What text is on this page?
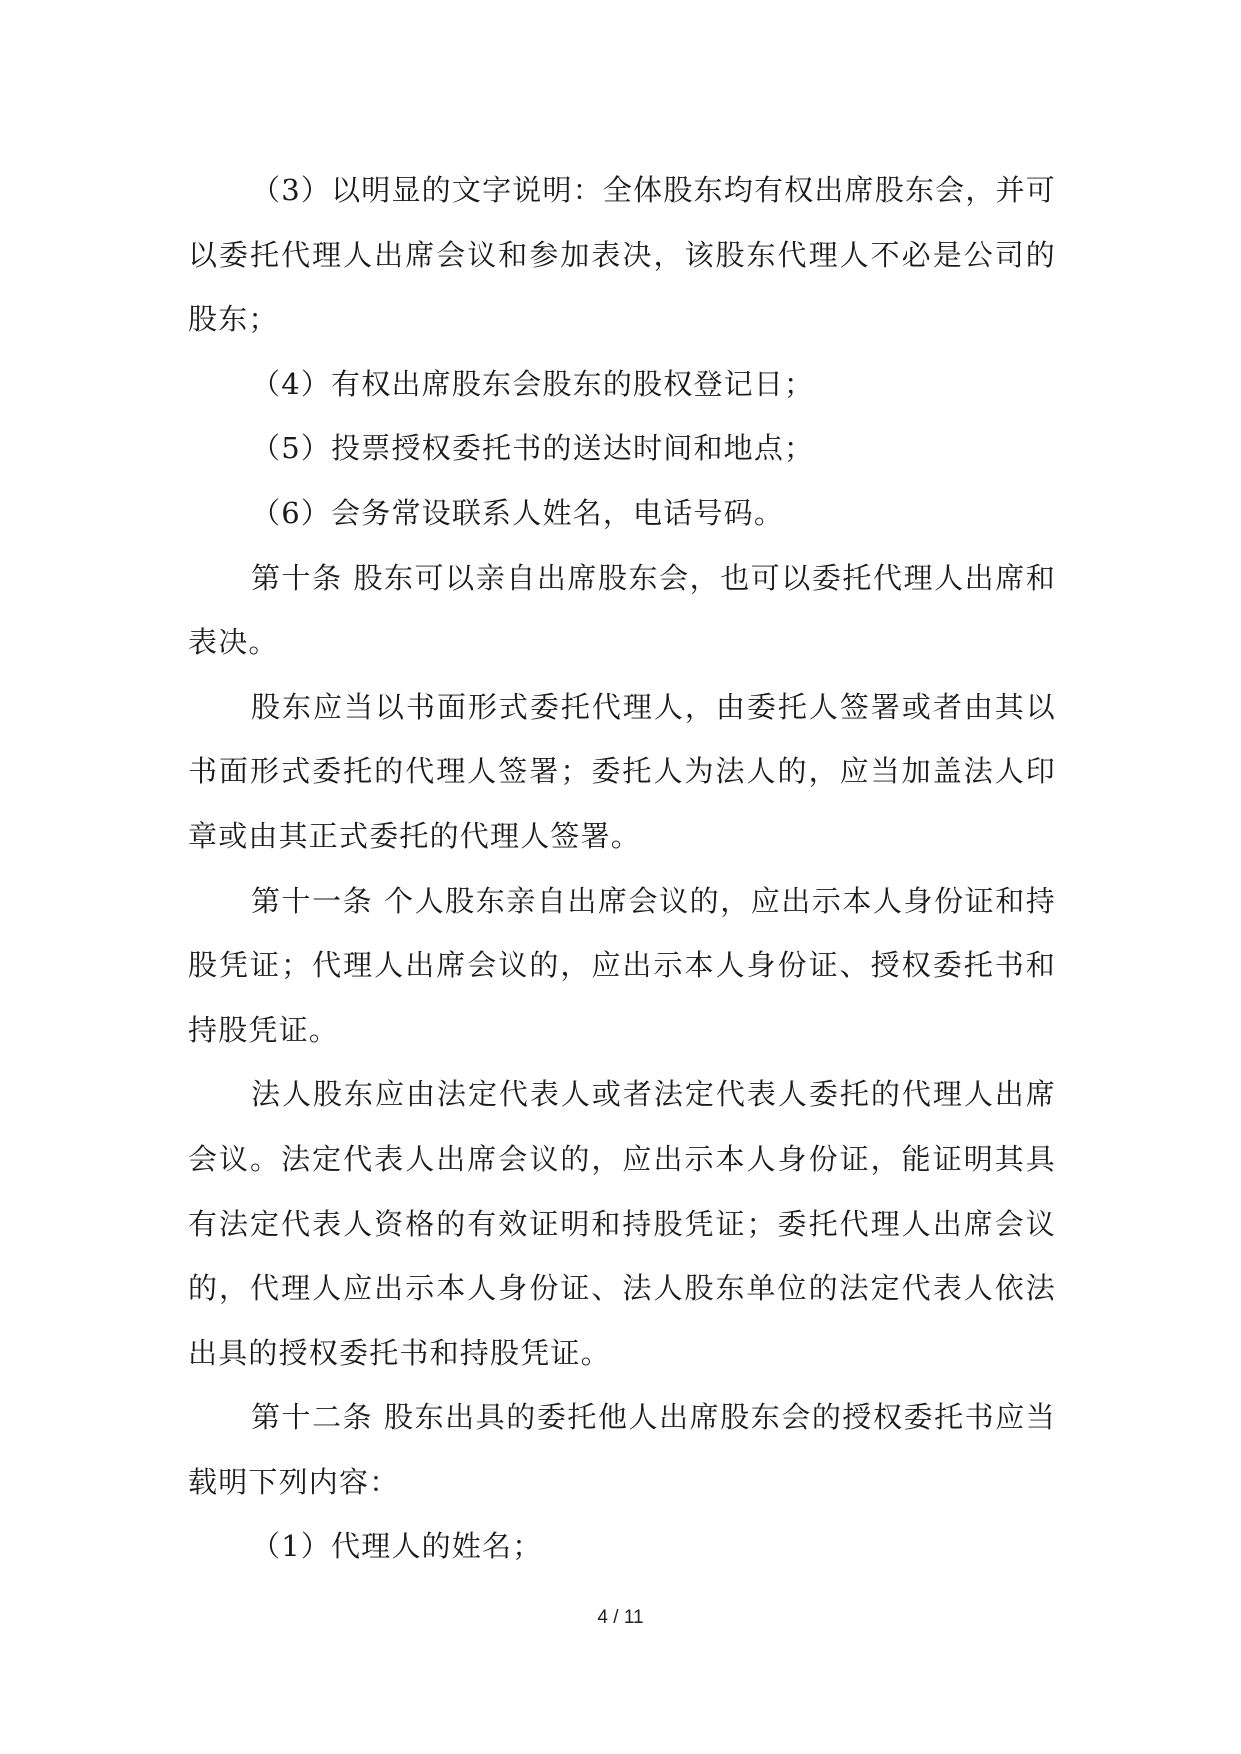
（3）以明显的文字说明：全体股东均有权出席股东会，并可以委托代理人出席会议和参加表决，该股东代理人不必是公司的股东；

（4）有权出席股东会股东的股权登记日；

（5）投票授权委托书的送达时间和地点；

（6）会务常设联系人姓名，电话号码。

第十条 股东可以亲自出席股东会，也可以委托代理人出席和表决。

股东应当以书面形式委托代理人，由委托人签署或者由其以书面形式委托的代理人签署；委托人为法人的，应当加盖法人印章或由其正式委托的代理人签署。

第十一条 个人股东亲自出席会议的，应出示本人身份证和持股凭证；代理人出席会议的，应出示本人身份证、授权委托书和持股凭证。

法人股东应由法定代表人或者法定代表人委托的代理人出席会议。法定代表人出席会议的，应出示本人身份证，能证明其具有法定代表人资格的有效证明和持股凭证；委托代理人出席会议的，代理人应出示本人身份证、法人股东单位的法定代表人依法出具的授权委托书和持股凭证。

第十二条 股东出具的委托他人出席股东会的授权委托书应当载明下列内容：

（1）代理人的姓名；

4 / 11
